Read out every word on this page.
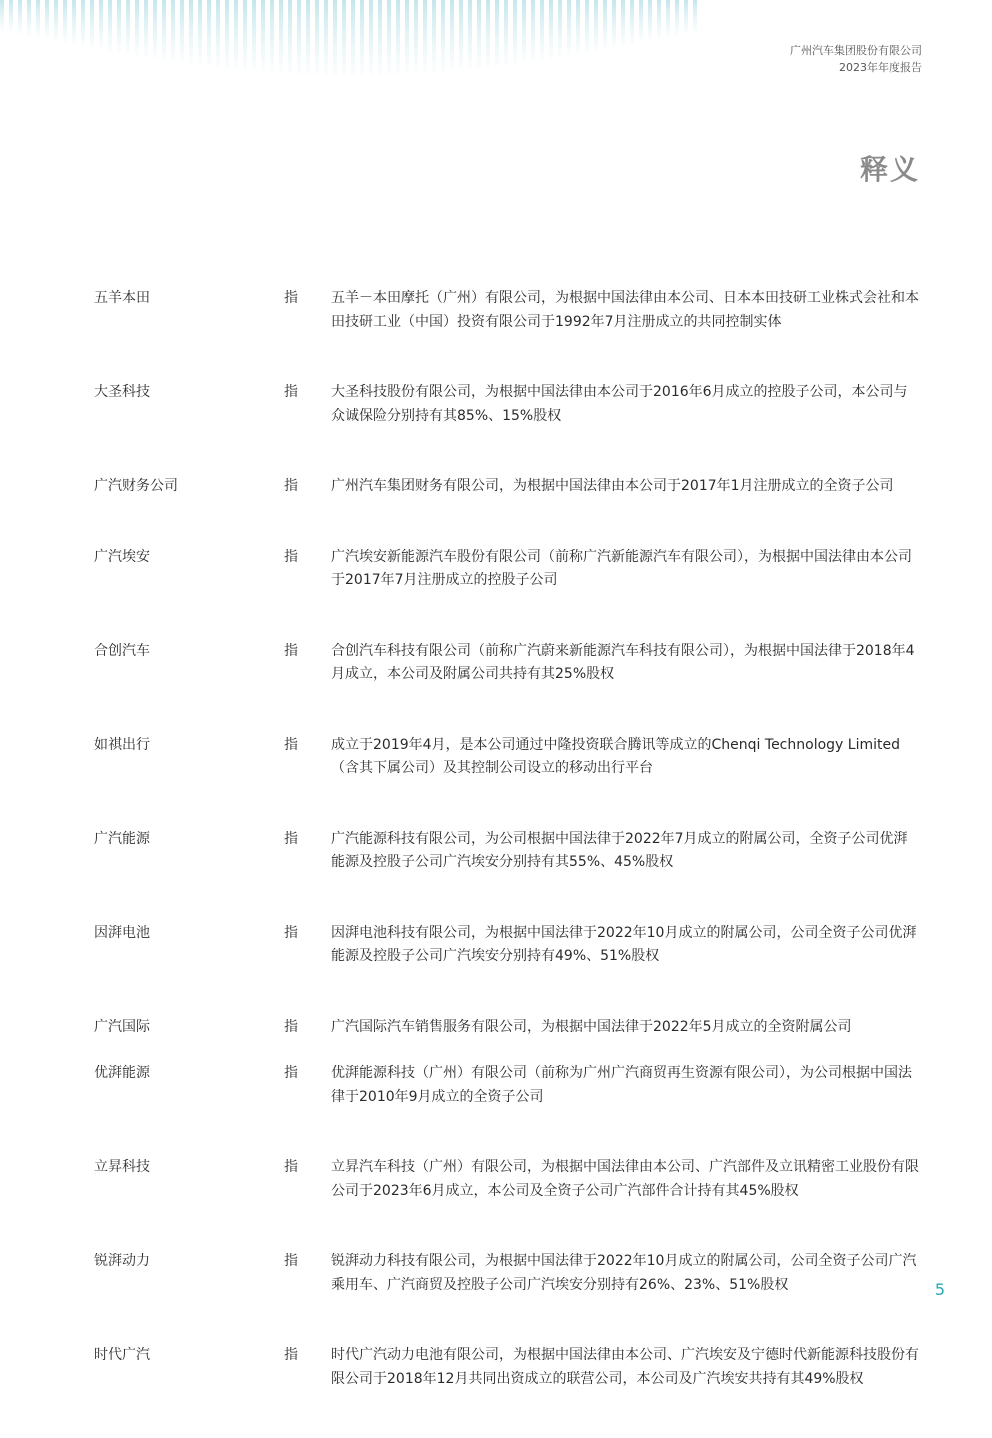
广州汽车集团股份有限公司
2023年年度报告
释义
五羊本田	指	五羊－本田摩托（广州）有限公司，为根据中国法律由本公司、日本本田技研工业株式会社和本田技研工业（中国）投资有限公司于1992年7月注册成立的共同控制实体
大圣科技	指	大圣科技股份有限公司，为根据中国法律由本公司于2016年6月成立的控股子公司，本公司与众诚保险分别持有其85%、15%股权
广汽财务公司	指	广州汽车集团财务有限公司，为根据中国法律由本公司于2017年1月注册成立的全资子公司
广汽埃安	指	广汽埃安新能源汽车股份有限公司（前称广汽新能源汽车有限公司），为根据中国法律由本公司于2017年7月注册成立的控股子公司
合创汽车	指	合创汽车科技有限公司（前称广汽蔚来新能源汽车科技有限公司），为根据中国法律于2018年4月成立，本公司及附属公司共持有其25%股权
如祺出行	指	成立于2019年4月，是本公司通过中隆投资联合腾讯等成立的Chenqi Technology Limited（含其下属公司）及其控制公司设立的移动出行平台
广汽能源	指	广汽能源科技有限公司，为公司根据中国法律于2022年7月成立的附属公司，全资子公司优湃能源及控股子公司广汽埃安分别持有其55%、45%股权
因湃电池	指	因湃电池科技有限公司，为根据中国法律于2022年10月成立的附属公司，公司全资子公司优湃能源及控股子公司广汽埃安分别持有49%、51%股权
广汽国际	指	广汽国际汽车销售服务有限公司，为根据中国法律于2022年5月成立的全资附属公司
优湃能源	指	优湃能源科技（广州）有限公司（前称为广州广汽商贸再生资源有限公司），为公司根据中国法律于2010年9月成立的全资子公司
立昇科技	指	立昇汽车科技（广州）有限公司，为根据中国法律由本公司、广汽部件及立讯精密工业股份有限公司于2023年6月成立，本公司及全资子公司广汽部件合计持有其45%股权
锐湃动力	指	锐湃动力科技有限公司，为根据中国法律于2022年10月成立的附属公司，公司全资子公司广汽乘用车、广汽商贸及控股子公司广汽埃安分别持有26%、23%、51%股权
时代广汽	指	时代广汽动力电池有限公司，为根据中国法律由本公司、广汽埃安及宁德时代新能源科技股份有限公司于2018年12月共同出资成立的联营公司，本公司及广汽埃安共持有其49%股权
5
